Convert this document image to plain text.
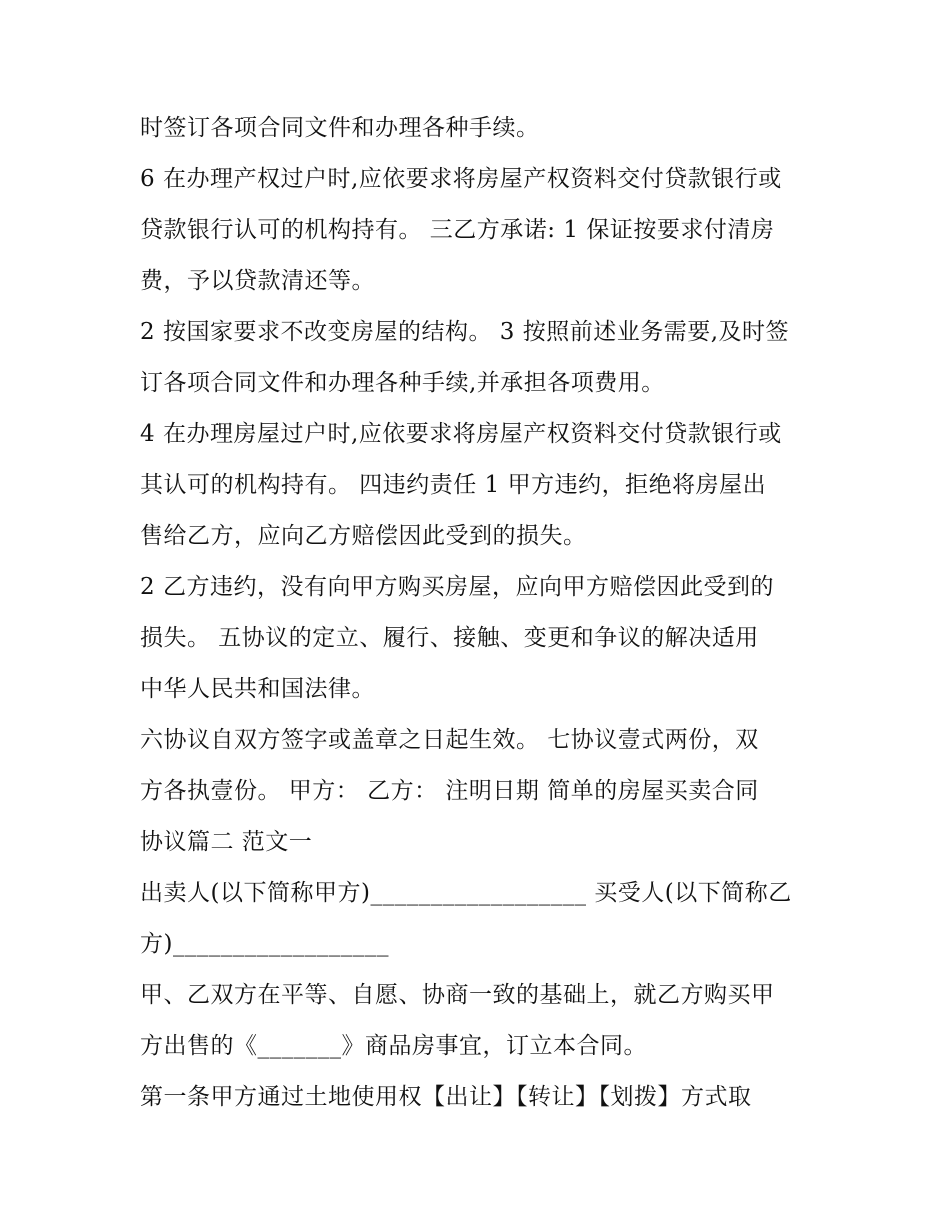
时签订各项合同文件和办理各种手续。
6 在办理产权过户时,应依要求将房屋产权资料交付贷款银行或
贷款银行认可的机构持有。 三乙方承诺: 1 保证按要求付清房
费，予以贷款清还等。
2 按国家要求不改变房屋的结构。 3 按照前述业务需要,及时签
订各项合同文件和办理各种手续,并承担各项费用。
4 在办理房屋过户时,应依要求将房屋产权资料交付贷款银行或
其认可的机构持有。 四违约责任 1 甲方违约，拒绝将房屋出
售给乙方，应向乙方赔偿因此受到的损失。
2 乙方违约，没有向甲方购买房屋，应向甲方赔偿因此受到的
损失。 五协议的定立、履行、接触、变更和争议的解决适用
中华人民共和国法律。
六协议自双方签字或盖章之日起生效。 七协议壹式两份，双
方各执壹份。 甲方： 乙方： 注明日期 简单的房屋买卖合同
协议篇二 范文一
出卖人(以下简称甲方)__________________ 买受人(以下简称乙
方)__________________
甲、乙双方在平等、自愿、协商一致的基础上，就乙方购买甲
方出售的《_______》商品房事宜，订立本合同。
第一条甲方通过土地使用权【出让】【转让】【划拨】方式取
